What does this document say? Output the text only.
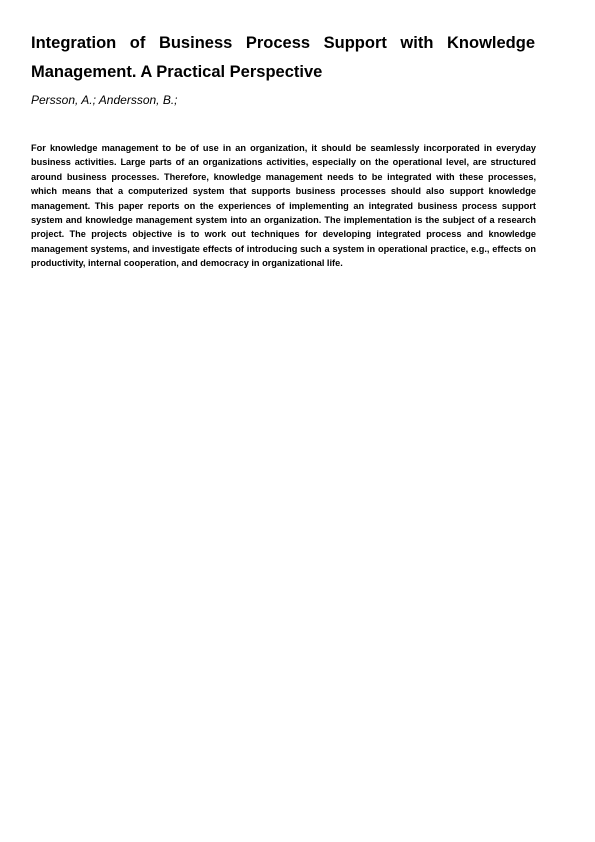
Integration of Business Process Support with Knowledge Management. A Practical Perspective

Persson, A.; Andersson, B.;

For knowledge management to be of use in an organization, it should be seamlessly incorporated in everyday business activities. Large parts of an organizations activities, especially on the operational level, are structured around business processes. Therefore, knowledge management needs to be integrated with these processes, which means that a computerized system that supports business processes should also support knowledge management. This paper reports on the experiences of implementing an integrated business process support system and knowledge management system into an organization. The implementation is the subject of a research project. The projects objective is to work out techniques for developing integrated process and knowledge management systems, and investigate effects of introducing such a system in operational practice, e.g., effects on productivity, internal cooperation, and democracy in organizational life.
